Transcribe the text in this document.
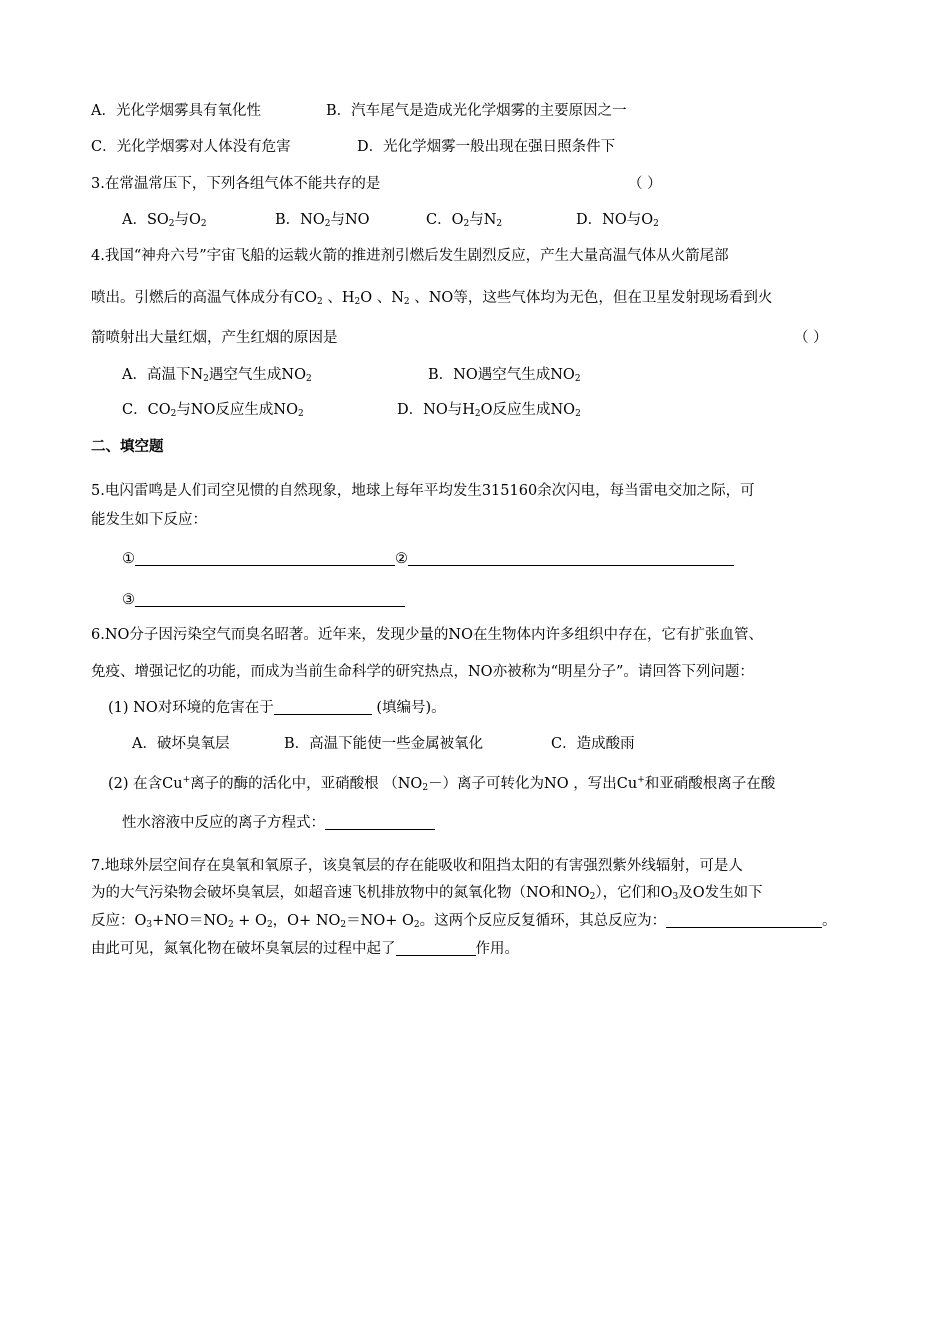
A．光化学烟雾具有氧化性	B．汽车尾气是造成光化学烟雾的主要原因之一
C．光化学烟雾对人体没有危害	D．光化学烟雾一般出现在强日照条件下
3.在常温常压下，下列各组气体不能共存的是	（ ）
A．$SO_2$与$O_2$	B．$NO_2$与NO	C．$O_2$与$N_2$	D．NO与$O_2$
4.我国“神舟六号”宇宙飞船的运载火箭的推进剂引燃后发生剧烈反应，产生大量高温气体从火箭尾部
喷出。引燃后的高温气体成分有$CO_2$ 、$H_2O$ 、$N_2$ 、NO等，这些气体均为无色，但在卫星发射现场看到火
箭喷射出大量红烟，产生红烟的原因是	（ ）
A．高温下$N_2$遇空气生成$NO_2$	B．NO遇空气生成$NO_2$
C．$CO_2$与NO反应生成$NO_2$	D．NO与$H_2O$反应生成$NO_2$
二、填空题
5.电闪雷鸣是人们司空见惯的自然现象，地球上每年平均发生315160余次闪电，每当雷电交加之际，可
能发生如下反应：
①	②
③
6.NO分子因污染空气而臭名昭著。近年来，发现少量的NO在生物体内许多组织中存在，它有扩张血管、
免疫、增强记忆的功能，而成为当前生命科学的研究热点，NO亦被称为“明星分子”。请回答下列问题：
(1) NO对环境的危害在于	(填编号)。
A．破坏臭氧层	B．高温下能使一些金属被氧化	C．造成酸雨
(2) 在含Cu+离子的酶的活化中，亚硝酸根 $(NO_2-)$离子可转化为NO ，写出Cu+和亚硝酸根离子在酸
性水溶液中反应的离子方程式：
7.地球外层空间存在臭氧和氧原子，该臭氧层的存在能吸收和阻挡太阳的有害强烈紫外线辐射，可是人
为的大气污染物会破坏臭氧层，如超音速飞机排放物中的氮氧化物（NO和$NO_2$），它们和$O_3$及O发生如下
反应：$O_3+NO=NO_2 + O_2$，$O+ NO_2=NO+ O_2$。这两个反应反复循环，其总反应为：	。
由此可见，氮氧化物在破坏臭氧层的过程中起了	作用。
